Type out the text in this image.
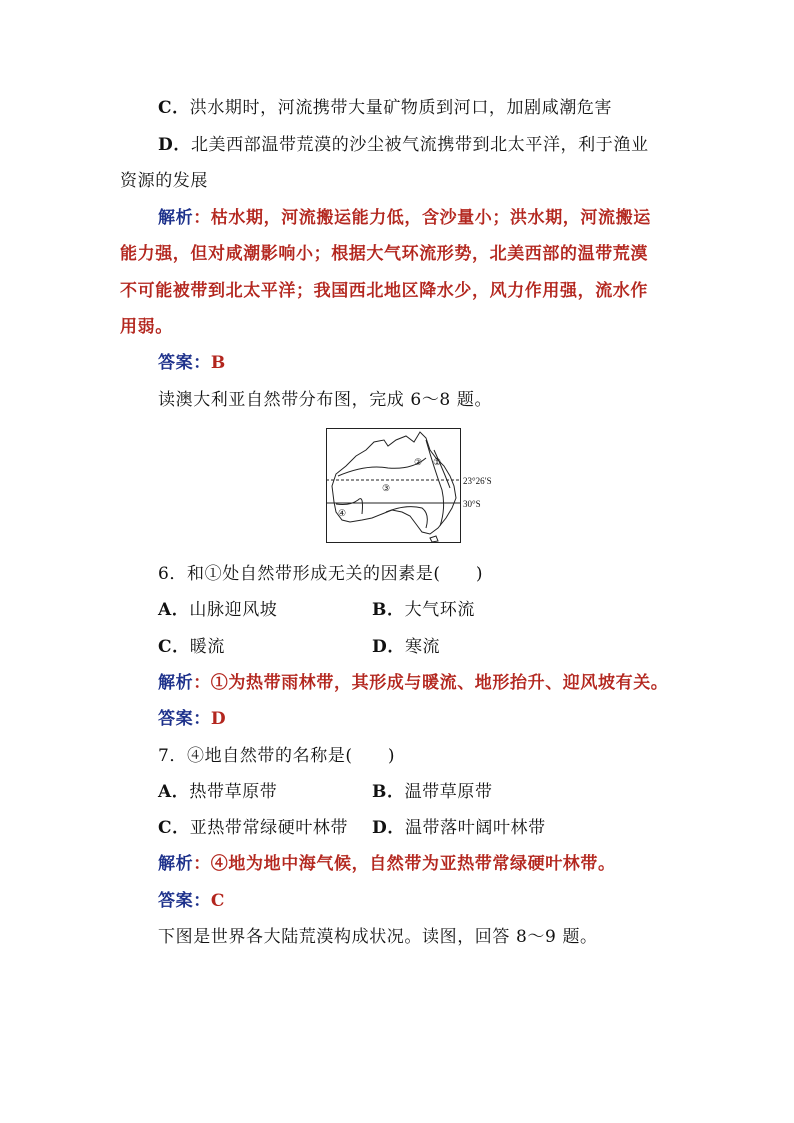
C．洪水期时，河流携带大量矿物质到河口，加剧咸潮危害
D．北美西部温带荒漠的沙尘被气流携带到北太平洋，利于渔业
资源的发展
解析：枯水期，河流搬运能力低，含沙量小；洪水期，河流搬运
能力强，但对咸潮影响小；根据大气环流形势，北美西部的温带荒漠
不可能被带到北太平洋；我国西北地区降水少，风力作用强，流水作
用弱。
答案：B
读澳大利亚自然带分布图，完成 6～8 题。
② ①
③
④
23°26′S
30°S
6．和①处自然带形成无关的因素是(　　)
A．山脉迎风坡	B．大气环流
C．暖流	D．寒流
解析：①为热带雨林带，其形成与暖流、地形抬升、迎风坡有关。
答案：D
7．④地自然带的名称是(　　)
A．热带草原带	B．温带草原带
C．亚热带常绿硬叶林带 D．温带落叶阔叶林带
解析：④地为地中海气候，自然带为亚热带常绿硬叶林带。
答案：C
下图是世界各大陆荒漠构成状况。读图，回答 8～9 题。
